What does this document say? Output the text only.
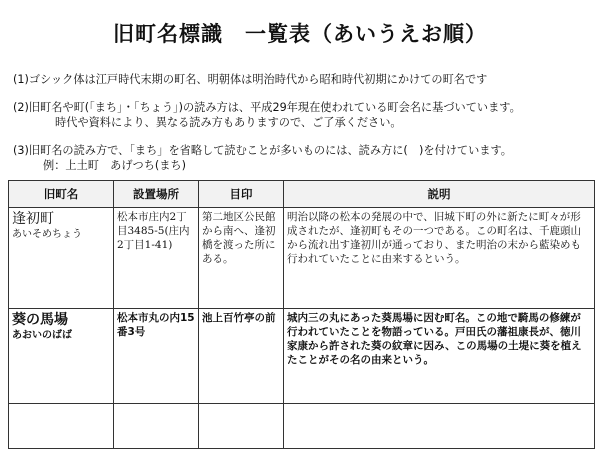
旧町名標識　一覧表（あいうえお順）
(1)ゴシック体は江戸時代末期の町名、明朝体は明治時代から昭和時代初期にかけての町名です
(2)旧町名や町(「まち」・「ちょう」)の読み方は、平成29年現在使われている町会名に基づいています。
時代や資料により、異なる読み方もありますので、ご了承ください。
(3)旧町名の読み方で、「まち」を省略して読むことが多いものには、読み方に(　)を付けています。
例：上土町　あげつち(まち)
旧町名	設置場所	目印	説明

逢初町
あいそめちょう	松本市庄内2丁目3485-5(庄内2丁目1-41)	第二地区公民館から南へ、逢初橋を渡った所にある。	明治以降の松本の発展の中で、旧城下町の外に新たに町々が形成されたが、逢初町もその一つである。この町名は、千鹿頭山から流れ出す逢初川が通っており、また明治の末から藍染めも行われていたことに由来するという。

葵の馬場
あおいのばば	松本市丸の内15番3号	池上百竹亭の前	城内三の丸にあった葵馬場に因む町名。この地で騎馬の修練が行われていたことを物語っている。戸田氏の藩祖康長が、徳川家康から許された葵の紋章に因み、この馬場の土堤に葵を植えたことがその名の由来という。
